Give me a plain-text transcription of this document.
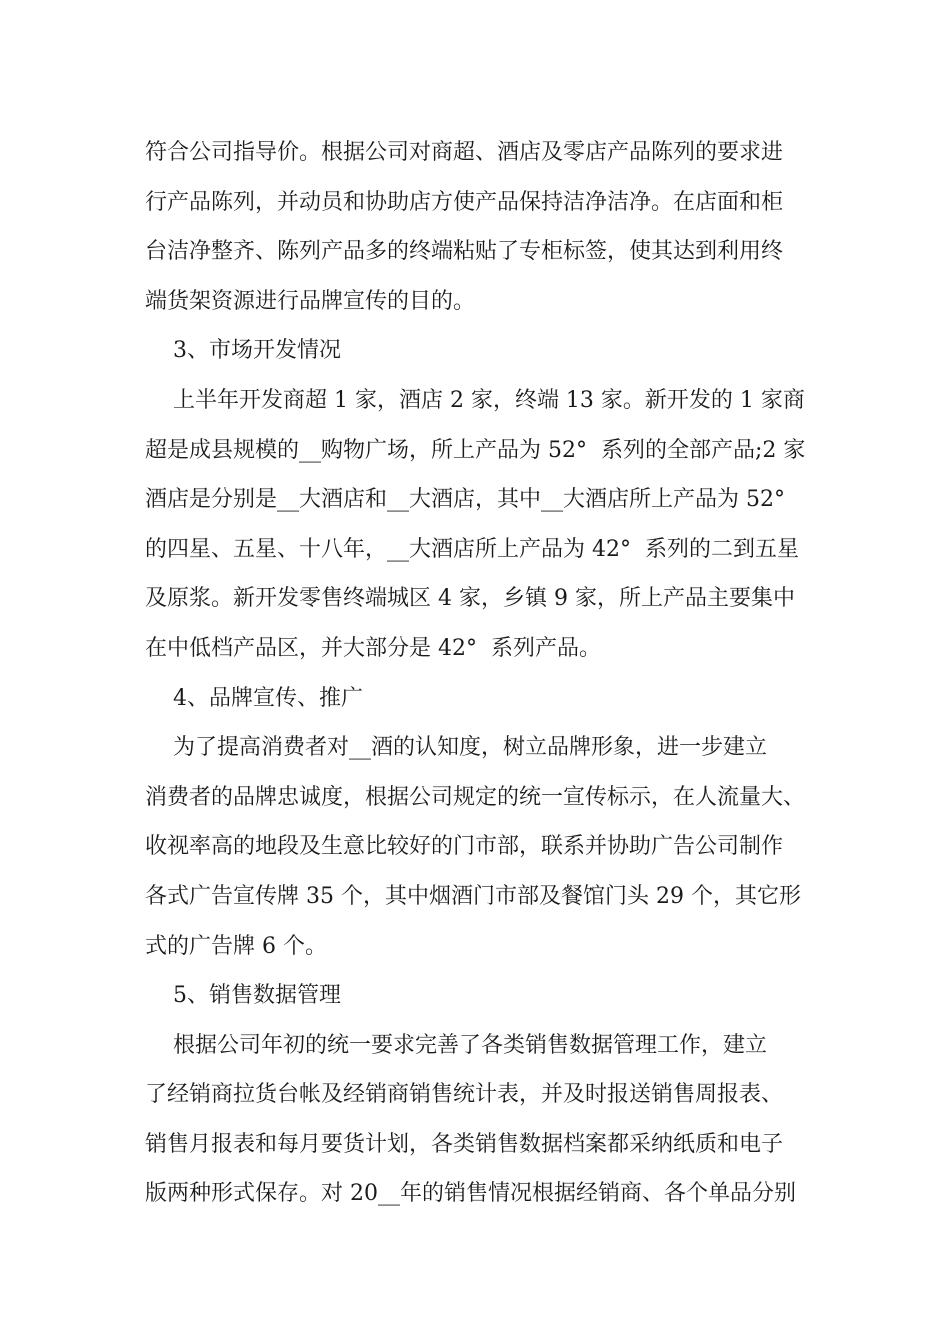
符合公司指导价。根据公司对商超、酒店及零店产品陈列的要求进

行产品陈列，并动员和协助店方使产品保持洁净洁净。在店面和柜

台洁净整齐、陈列产品多的终端粘贴了专柜标签，使其达到利用终

端货架资源进行品牌宣传的目的。

3、市场开发情况

上半年开发商超 1 家，酒店 2 家，终端 13 家。新开发的 1 家商

超是成县规模的__购物广场，所上产品为 52°  系列的全部产品;2 家

酒店是分别是__大酒店和__大酒店，其中__大酒店所上产品为 52°

的四星、五星、十八年，__大酒店所上产品为 42°  系列的二到五星

及原浆。新开发零售终端城区 4 家，乡镇 9 家，所上产品主要集中

在中低档产品区，并大部分是 42°  系列产品。

4、品牌宣传、推广

为了提高消费者对__酒的认知度，树立品牌形象，进一步建立

消费者的品牌忠诚度，根据公司规定的统一宣传标示，在人流量大、

收视率高的地段及生意比较好的门市部，联系并协助广告公司制作

各式广告宣传牌 35 个，其中烟酒门市部及餐馆门头 29 个，其它形

式的广告牌 6 个。

5、销售数据管理

根据公司年初的统一要求完善了各类销售数据管理工作，建立

了经销商拉货台帐及经销商销售统计表，并及时报送销售周报表、

销售月报表和每月要货计划，各类销售数据档案都采纳纸质和电子

版两种形式保存。对 20__年的销售情况根据经销商、各个单品分别
